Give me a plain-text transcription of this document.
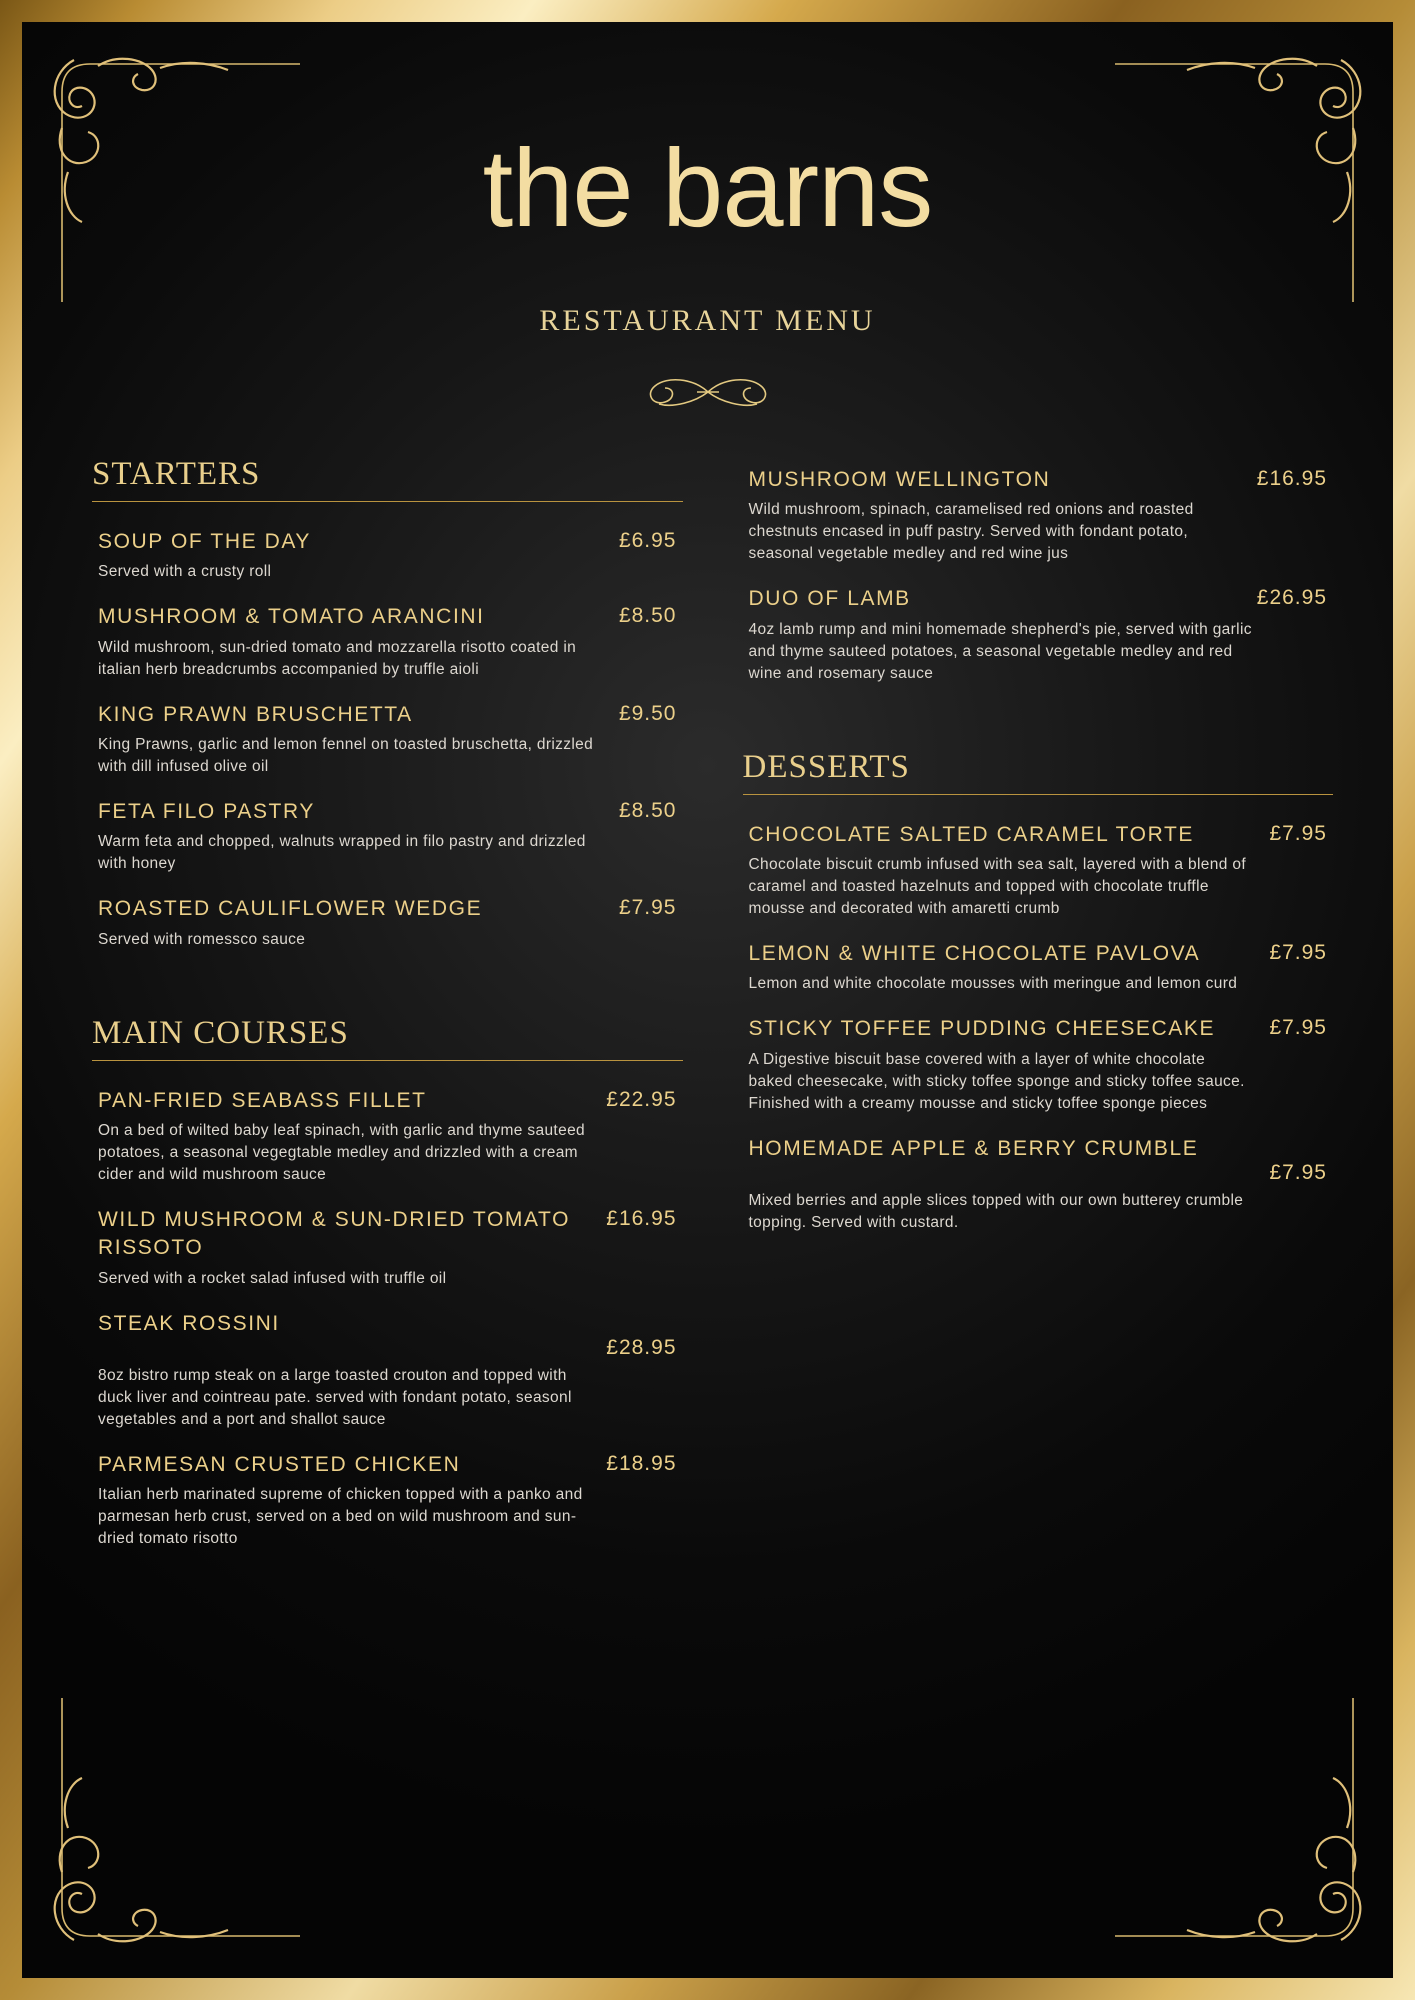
the barns
RESTAURANT MENU
STARTERS
SOUP OF THE DAY	£6.95
Served with a crusty roll
MUSHROOM & TOMATO ARANCINI	£8.50
Wild mushroom, sun-dried tomato and mozzarella risotto coated in italian herb breadcrumbs accompanied by truffle aioli
KING PRAWN BRUSCHETTA	£9.50
King Prawns, garlic and lemon fennel on toasted bruschetta, drizzled with dill infused olive oil
FETA FILO PASTRY	£8.50
Warm feta and chopped, walnuts wrapped in filo pastry and drizzled with honey
ROASTED CAULIFLOWER WEDGE	£7.95
Served with romessco sauce
MAIN COURSES
PAN-FRIED SEABASS FILLET	£22.95
On a bed of wilted baby leaf spinach, with garlic and thyme sauteed potatoes, a seasonal vegegtable medley and drizzled with a cream cider and wild mushroom sauce
WILD MUSHROOM & SUN-DRIED TOMATO RISSOTO
£16.95
Served with a rocket salad infused with truffle oil
STEAK ROSSINI
£28.95
8oz bistro rump steak on a large toasted crouton and topped with duck liver and cointreau pate. served with fondant potato, seasonl vegetables and a port and shallot sauce
PARMESAN CRUSTED CHICKEN	£18.95
Italian herb marinated supreme of chicken topped with a panko and parmesan herb crust, served on a bed on wild mushroom and sun-dried tomato risotto
MUSHROOM WELLINGTON	£16.95
Wild mushroom, spinach, caramelised red onions and roasted chestnuts encased in puff pastry. Served with fondant potato, seasonal vegetable medley and red wine jus
DUO OF LAMB	£26.95
4oz lamb rump and mini homemade shepherd's pie, served with garlic and thyme sauteed potatoes, a seasonal vegetable medley and red wine and rosemary sauce
DESSERTS
CHOCOLATE SALTED CARAMEL TORTE	£7.95
Chocolate biscuit crumb infused with sea salt, layered with a blend of caramel and toasted hazelnuts and topped with chocolate truffle mousse and decorated with amaretti crumb
LEMON & WHITE CHOCOLATE PAVLOVA	£7.95
Lemon and white chocolate mousses with meringue and lemon curd
STICKY TOFFEE PUDDING CHEESECAKE	£7.95
A Digestive biscuit base covered with a layer of white chocolate baked cheesecake, with sticky toffee sponge and sticky toffee sauce. Finished with a creamy mousse and sticky toffee sponge pieces
HOMEMADE APPLE & BERRY CRUMBLE
£7.95
Mixed berries and apple slices topped with our own butterey crumble topping. Served with custard.
